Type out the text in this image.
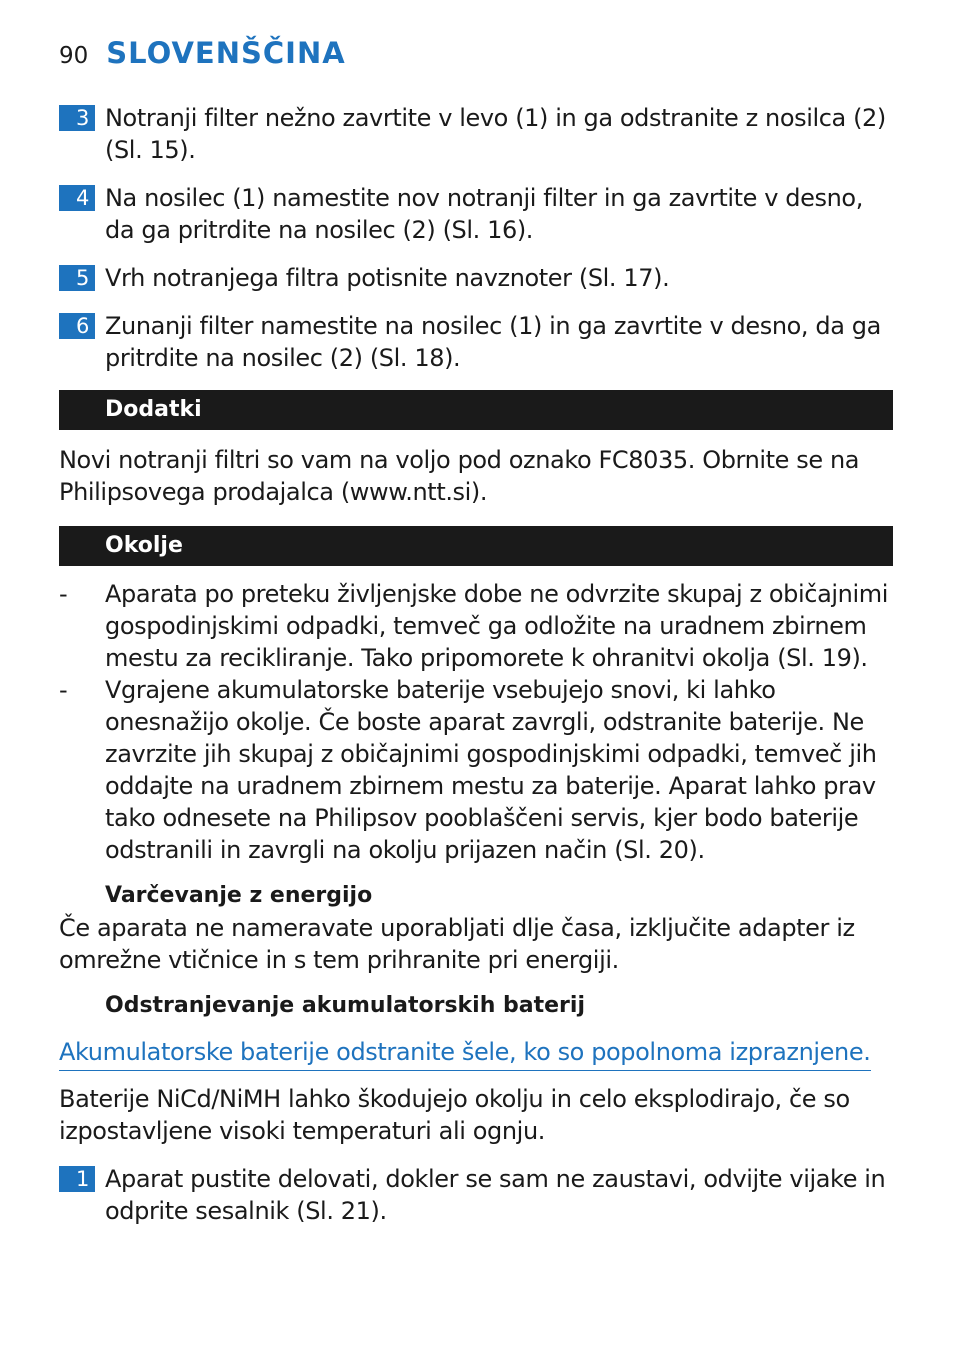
90 SLOVENŠČINA
3 Notranji filter nežno zavrtite v levo (1) in ga odstranite z nosilca (2) (Sl. 15).
4 Na nosilec (1) namestite nov notranji filter in ga zavrtite v desno, da ga pritrdite na nosilec (2) (Sl. 16).
5 Vrh notranjega filtra potisnite navznoter (Sl. 17).
6 Zunanji filter namestite na nosilec (1) in ga zavrtite v desno, da ga pritrdite na nosilec (2) (Sl. 18).
Dodatki
Novi notranji filtri so vam na voljo pod oznako FC8035. Obrnite se na Philipsovega prodajalca (www.ntt.si).
Okolje
-	Aparata po preteku življenjske dobe ne odvrzite skupaj z običajnimi gospodinjskimi odpadki, temveč ga odložite na uradnem zbirnem mestu za recikliranje. Tako pripomorete k ohranitvi okolja (Sl. 19).
-	Vgrajene akumulatorske baterije vsebujejo snovi, ki lahko onesnažijo okolje. Če boste aparat zavrgli, odstranite baterije. Ne zavrzite jih skupaj z običajnimi gospodinjskimi odpadki, temveč jih oddajte na uradnem zbirnem mestu za baterije. Aparat lahko prav tako odnesete na Philipsov pooblaščeni servis, kjer bodo baterije odstranili in zavrgli na okolju prijazen način (Sl. 20).
Varčevanje z energijo
Če aparata ne nameravate uporabljati dlje časa, izključite adapter iz omrežne vtičnice in s tem prihranite pri energiji.
Odstranjevanje akumulatorskih baterij
Akumulatorske baterije odstranite šele, ko so popolnoma izpraznjene.
Baterije NiCd/NiMH lahko škodujejo okolju in celo eksplodirajo, če so izpostavljene visoki temperaturi ali ognju.
1 Aparat pustite delovati, dokler se sam ne zaustavi, odvijte vijake in odprite sesalnik (Sl. 21).
